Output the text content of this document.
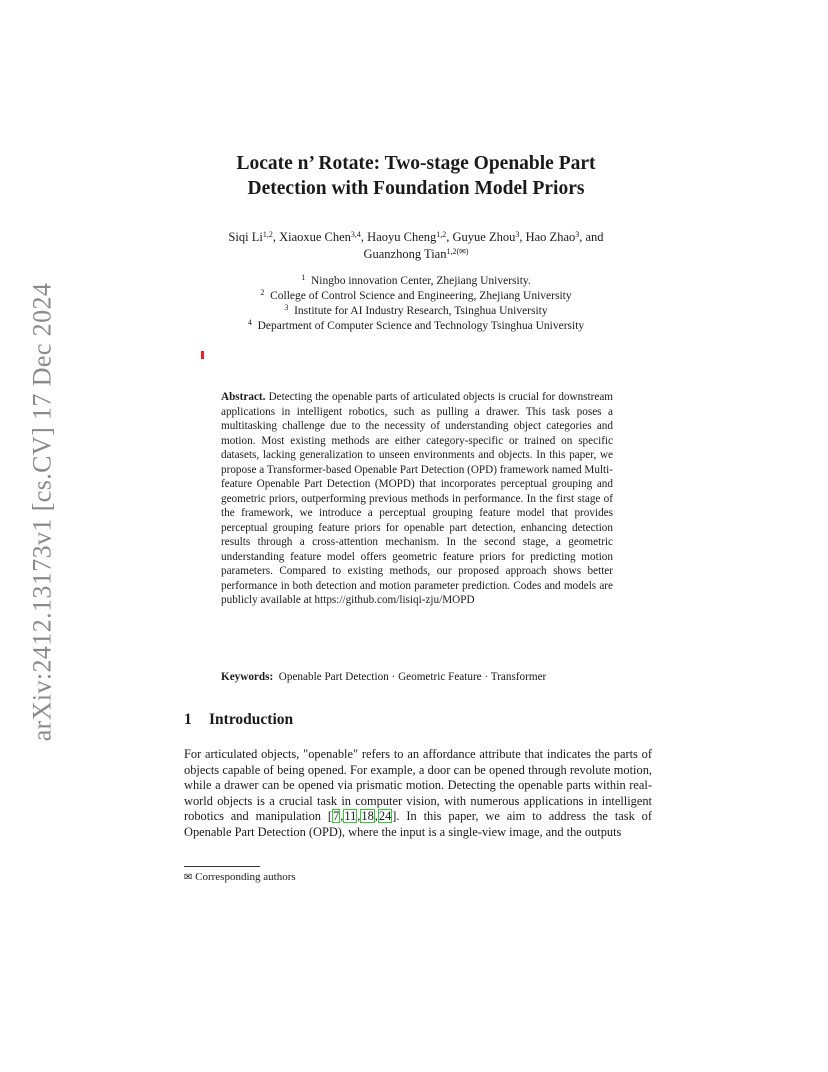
arXiv:2412.13173v1 [cs.CV] 17 Dec 2024
Locate n’ Rotate: Two-stage Openable Part
Detection with Foundation Model Priors
Siqi Li$^{1,2}$, Xiaoxue Chen$^{3,4}$, Haoyu Cheng$^{1,2}$, Guyue Zhou$^3$, Hao Zhao$^3$, and
Guanzhong Tian$^{1,2(✉)}$
$^1$ Ningbo innovation Center, Zhejiang University.
$^2$ College of Control Science and Engineering, Zhejiang University
$^3$ Institute for AI Industry Research, Tsinghua University
$^4$ Department of Computer Science and Technology Tsinghua University
Abstract. Detecting the openable parts of articulated objects is crucial for downstream applications in intelligent robotics, such as pulling a drawer. This task poses a multitasking challenge due to the necessity of understanding object categories and motion. Most existing methods are either category-specific or trained on specific datasets, lacking generalization to unseen environments and objects. In this paper, we propose a Transformer-based Openable Part Detection (OPD) framework named Multi-feature Openable Part Detection (MOPD) that incorporates perceptual grouping and geometric priors, outperforming previous methods in performance. In the first stage of the framework, we introduce a perceptual grouping feature model that provides perceptual grouping feature priors for openable part detection, enhancing detection results through a cross-attention mechanism. In the second stage, a geometric understanding feature model offers geometric feature priors for predicting motion parameters. Compared to existing methods, our proposed approach shows better performance in both detection and motion parameter prediction. Codes and models are publicly available at https://github.com/lisiqi-zju/MOPD
Keywords: Openable Part Detection · Geometric Feature · Transformer
1 Introduction
For articulated objects, "openable" refers to an affordance attribute that indicates the parts of objects capable of being opened. For example, a door can be opened through revolute motion, while a drawer can be opened via prismatic motion. Detecting the openable parts within real-world objects is a crucial task in computer vision, with numerous applications in intelligent robotics and manipulation [7,11,18,24]. In this paper, we aim to address the task of Openable Part Detection (OPD), where the input is a single-view image, and the outputs
✉ Corresponding authors
